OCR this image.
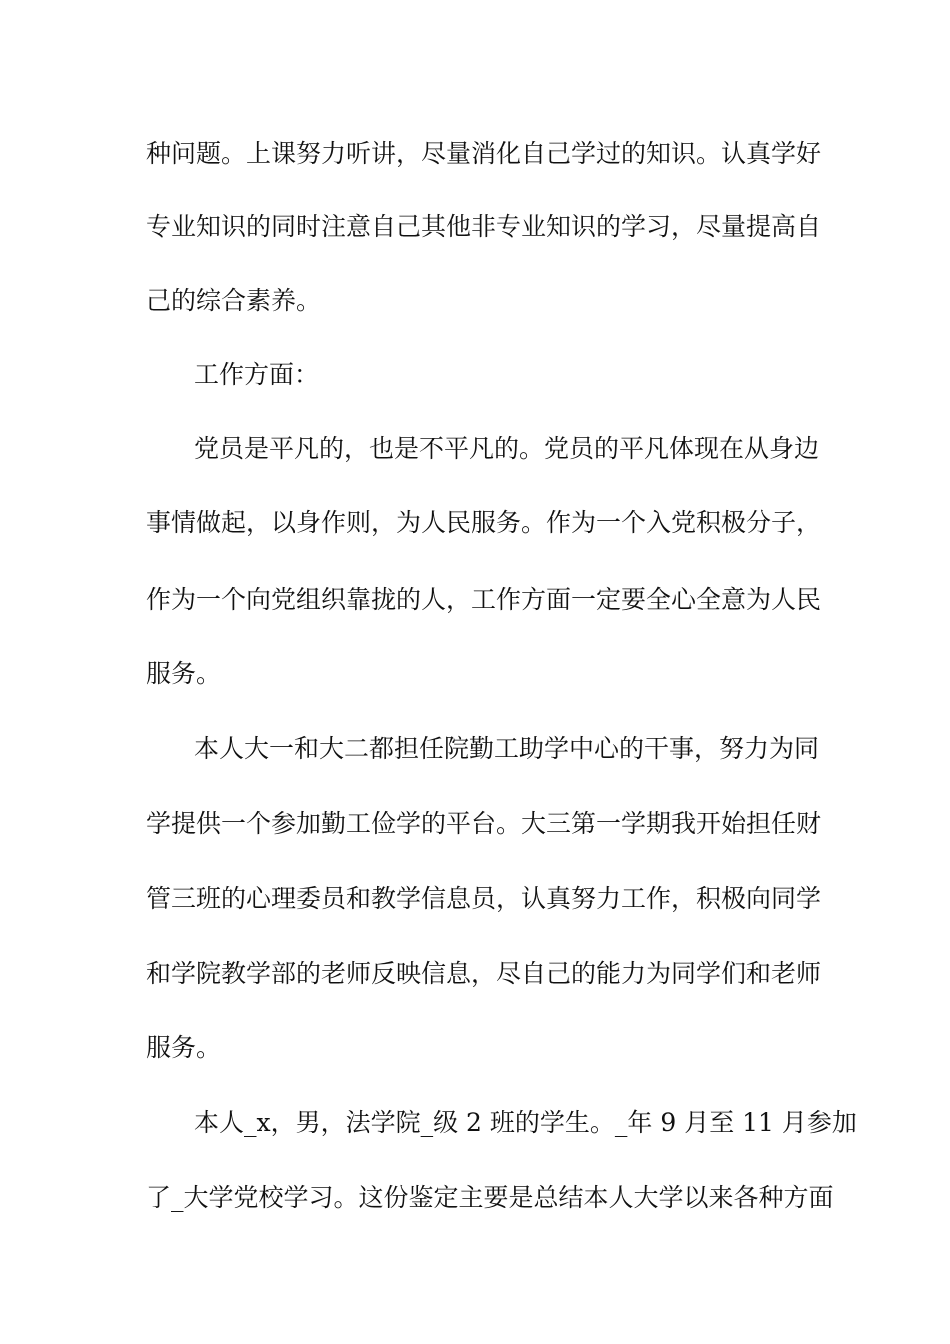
种问题。上课努力听讲，尽量消化自己学过的知识。认真学好
专业知识的同时注意自己其他非专业知识的学习，尽量提高自
己的综合素养。
工作方面：
党员是平凡的，也是不平凡的。党员的平凡体现在从身边
事情做起，以身作则，为人民服务。作为一个入党积极分子，
作为一个向党组织靠拢的人，工作方面一定要全心全意为人民
服务。
本人大一和大二都担任院勤工助学中心的干事，努力为同
学提供一个参加勤工俭学的平台。大三第一学期我开始担任财
管三班的心理委员和教学信息员，认真努力工作，积极向同学
和学院教学部的老师反映信息，尽自己的能力为同学们和老师
服务。
本人_x，男，法学院_级 2 班的学生。_年 9 月至 11 月参加
了_大学党校学习。这份鉴定主要是总结本人大学以来各种方面
